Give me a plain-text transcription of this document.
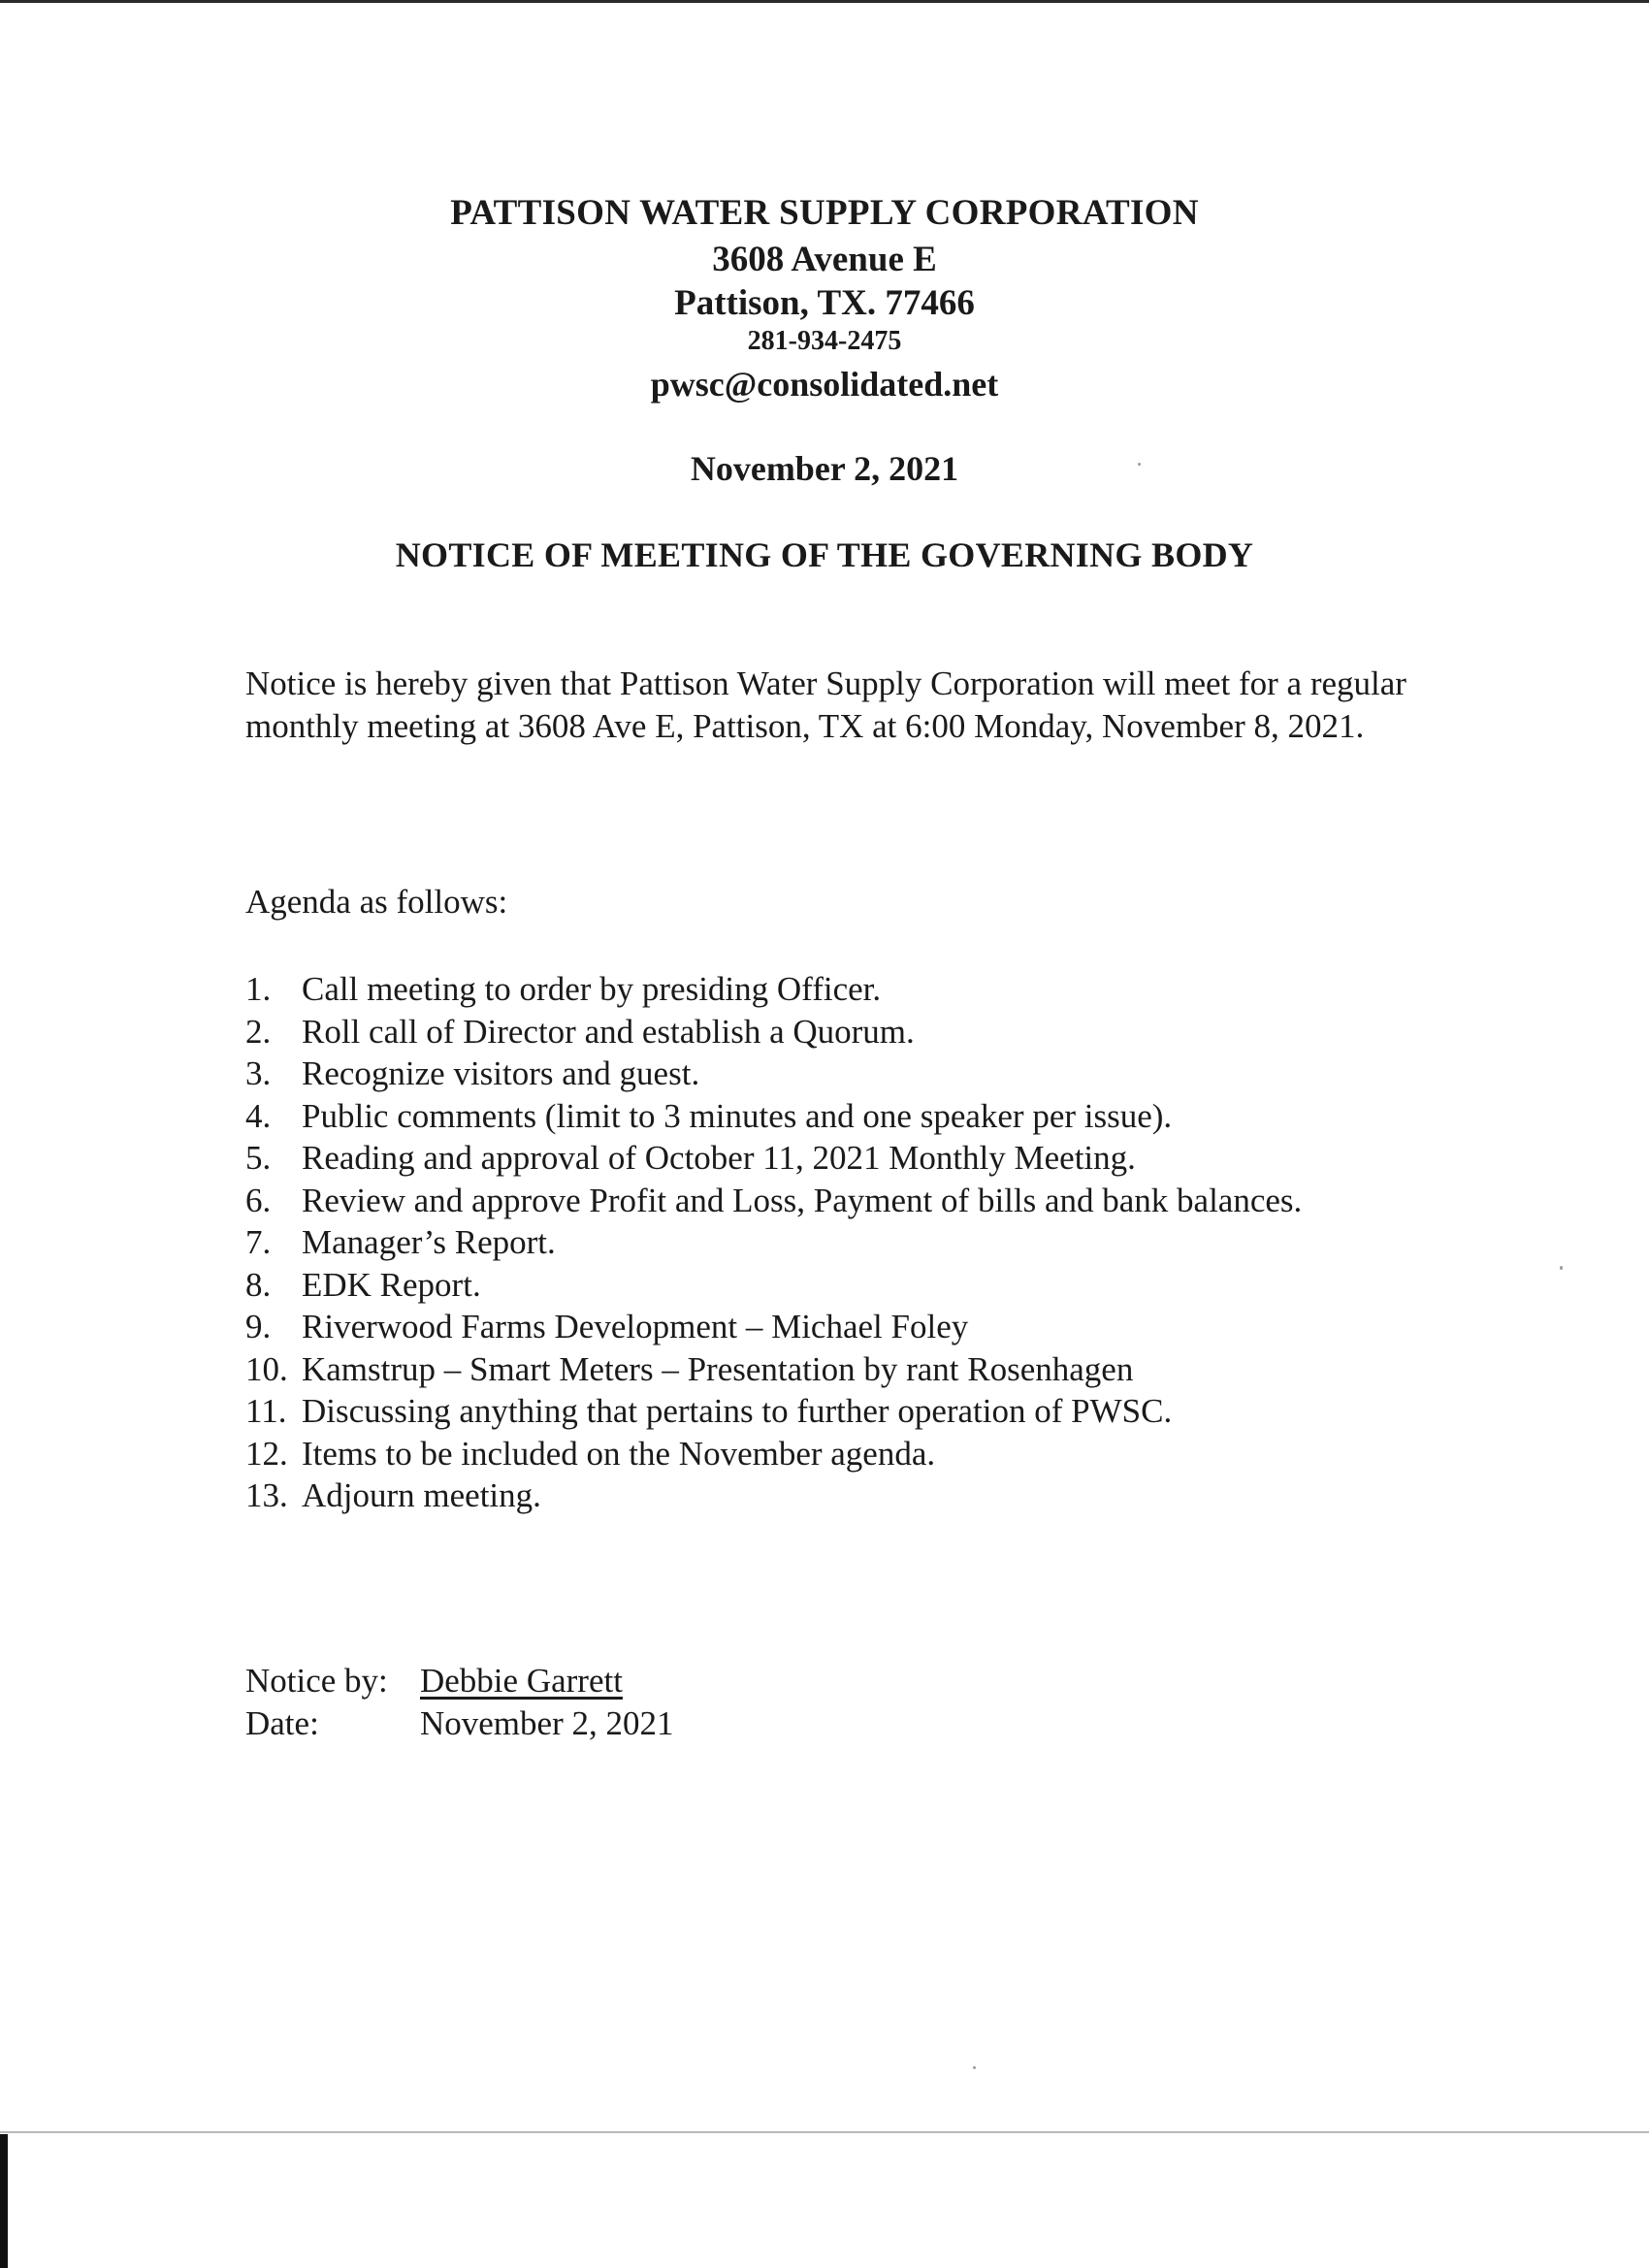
PATTISON WATER SUPPLY CORPORATION
3608 Avenue E
Pattison, TX. 77466
281-934-2475
pwsc@consolidated.net
November 2, 2021
NOTICE OF MEETING OF THE GOVERNING BODY
Notice is hereby given that Pattison Water Supply Corporation will meet for a regular monthly meeting at 3608 Ave E, Pattison, TX at 6:00 Monday, November 8, 2021.
Agenda as follows:
1. Call meeting to order by presiding Officer.
2. Roll call of Director and establish a Quorum.
3. Recognize visitors and guest.
4. Public comments (limit to 3 minutes and one speaker per issue).
5. Reading and approval of October 11, 2021 Monthly Meeting.
6. Review and approve Profit and Loss, Payment of bills and bank balances.
7. Manager’s Report.
8. EDK Report.
9. Riverwood Farms Development – Michael Foley
10. Kamstrup – Smart Meters – Presentation by rant Rosenhagen
11. Discussing anything that pertains to further operation of PWSC.
12. Items to be included on the November agenda.
13. Adjourn meeting.
Notice by: Debbie Garrett
Date:	November 2, 2021
